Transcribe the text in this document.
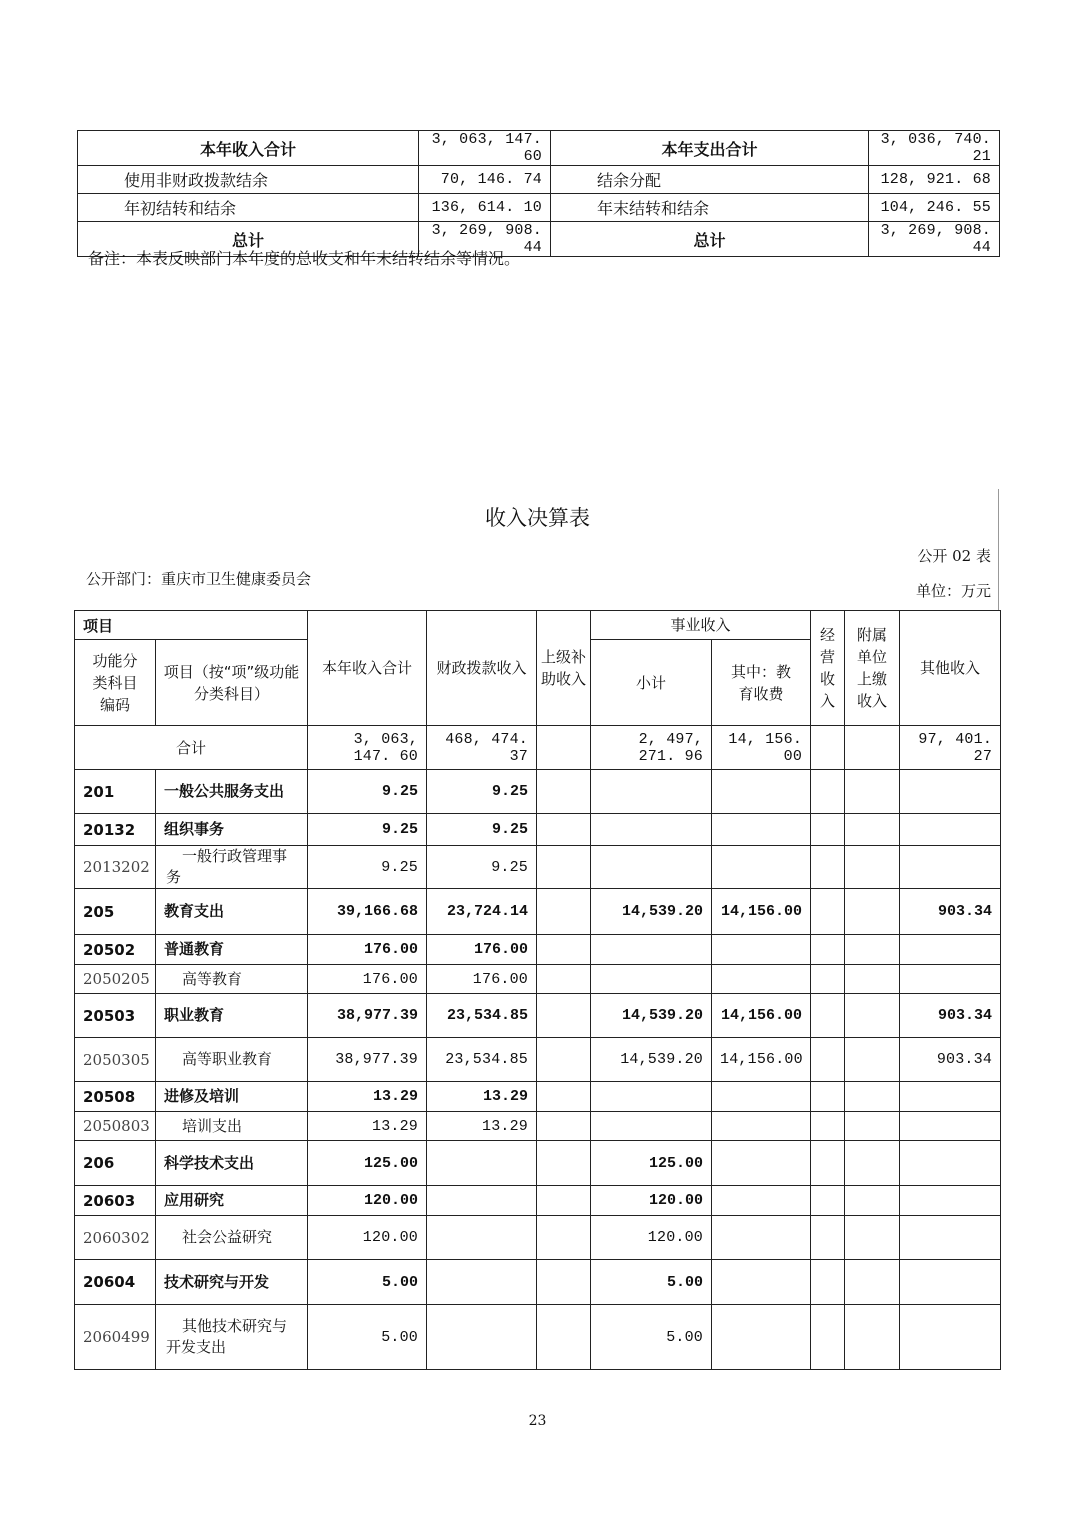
本年收入合计	3, 063, 147. 60	本年支出合计	3, 036, 740. 21
使用非财政拨款结余	70, 146. 74	结余分配	128, 921. 68
年初结转和结余	136, 614. 10	年末结转和结余	104, 246. 55
总计	3, 269, 908. 44	总计	3, 269, 908. 44
备注：本表反映部门本年度的总收支和年末结转结余等情况。
收入决算表
公开 02 表
公开部门：重庆市卫生健康委员会
单位：万元
项目		本年收入合计	财政拨款收入	上级补助收入	事业收入		经营收入	附属单位上缴收入	其他收入
功能分类科目编码	项目（按“项”级功能分类科目）				小计	其中：教育收费			
合计		3, 063, 147. 60	468, 474. 37		2, 497, 271. 96	14, 156. 00			97, 401. 27
201	一般公共服务支出	9.25	9.25						
20132	组织事务	9.25	9.25						
2013202	一般行政管理事务	9.25	9.25						
205	教育支出	39,166.68	23,724.14		14,539.20	14,156.00			903.34
20502	普通教育	176.00	176.00						
2050205	高等教育	176.00	176.00						
20503	职业教育	38,977.39	23,534.85		14,539.20	14,156.00			903.34
2050305	高等职业教育	38,977.39	23,534.85		14,539.20	14,156.00			903.34
20508	进修及培训	13.29	13.29						
2050803	培训支出	13.29	13.29						
206	科学技术支出	125.00			125.00				
20603	应用研究	120.00			120.00				
2060302	社会公益研究	120.00			120.00				
20604	技术研究与开发	5.00			5.00				
2060499	其他技术研究与开发支出	5.00			5.00				
23
